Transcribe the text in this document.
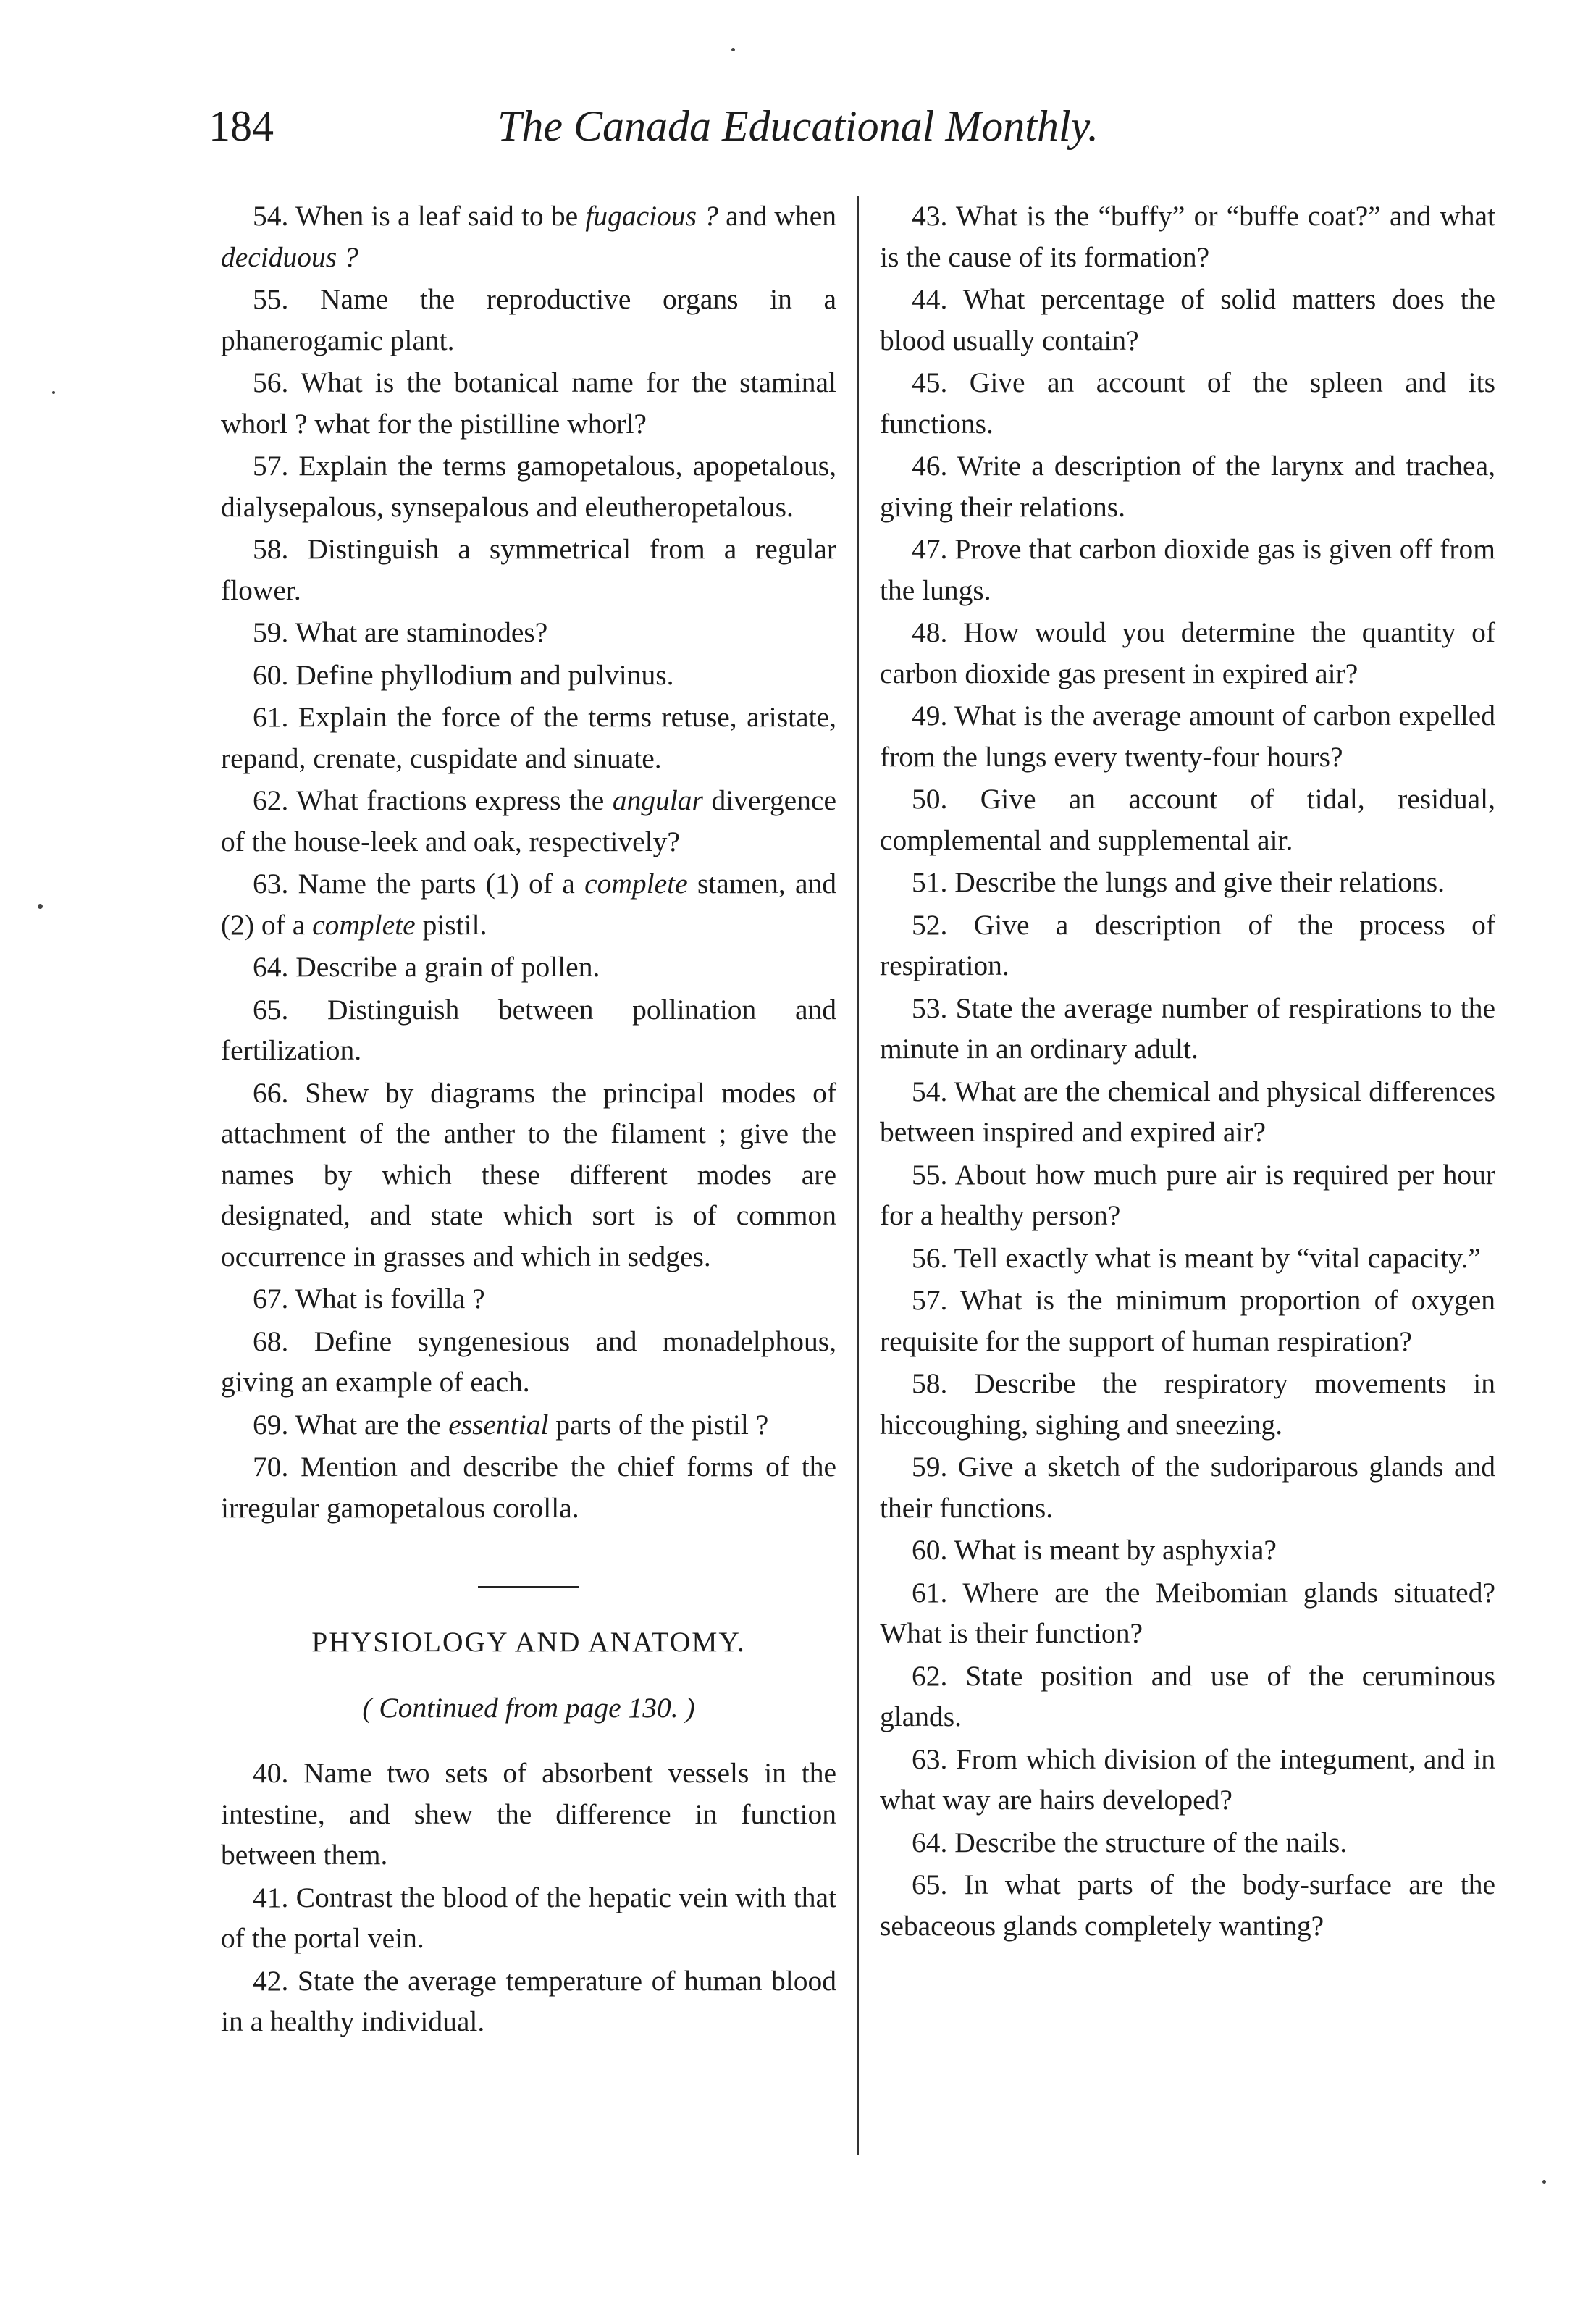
184	The Canada Educational Monthly.

54. When is a leaf said to be fugacious ? and when deciduous ?

55. Name the reproductive organs in a phanerogamic plant.

56. What is the botanical name for the staminal whorl ? what for the pistilline whorl?

57. Explain the terms gamopetalous, apopetalous, dialysepalous, synsepalous and eleutheropetalous.

58. Distinguish a symmetrical from a regular flower.

59. What are staminodes?

60. Define phyllodium and pulvinus.

61. Explain the force of the terms retuse, aristate, repand, crenate, cuspidate and sinuate.

62. What fractions express the angular divergence of the house-leek and oak, respectively?

63. Name the parts (1) of a complete stamen, and (2) of a complete pistil.

64. Describe a grain of pollen.

65. Distinguish between pollination and fertilization.

66. Shew by diagrams the principal modes of attachment of the anther to the filament ; give the names by which these different modes are designated, and state which sort is of common occurrence in grasses and which in sedges.

67. What is fovilla ?

68. Define syngenesious and monadelphous, giving an example of each.

69. What are the essential parts of the pistil ?

70. Mention and describe the chief forms of the irregular gamopetalous corolla.

PHYSIOLOGY AND ANATOMY.
( Continued from page 130. )

40. Name two sets of absorbent vessels in the intestine, and shew the difference in function between them.

41. Contrast the blood of the hepatic vein with that of the portal vein.

42. State the average temperature of human blood in a healthy individual.

43. What is the “buffy” or “buffe coat?” and what is the cause of its formation?

44. What percentage of solid matters does the blood usually contain?

45. Give an account of the spleen and its functions.

46. Write a description of the larynx and trachea, giving their relations.

47. Prove that carbon dioxide gas is given off from the lungs.

48. How would you determine the quantity of carbon dioxide gas present in expired air?

49. What is the average amount of carbon expelled from the lungs every twenty-four hours?

50. Give an account of tidal, residual, complemental and supplemental air.

51. Describe the lungs and give their relations.

52. Give a description of the process of respiration.

53. State the average number of respirations to the minute in an ordinary adult.

54. What are the chemical and physical differences between inspired and expired air?

55. About how much pure air is required per hour for a healthy person?

56. Tell exactly what is meant by “vital capacity.”

57. What is the minimum proportion of oxygen requisite for the support of human respiration?

58. Describe the respiratory movements in hiccoughing, sighing and sneezing.

59. Give a sketch of the sudoriparous glands and their functions.

60. What is meant by asphyxia?

61. Where are the Meibomian glands situated? What is their function?

62. State position and use of the ceruminous glands.

63. From which division of the integument, and in what way are hairs developed?

64. Describe the structure of the nails.

65. In what parts of the body-surface are the sebaceous glands completely wanting?
